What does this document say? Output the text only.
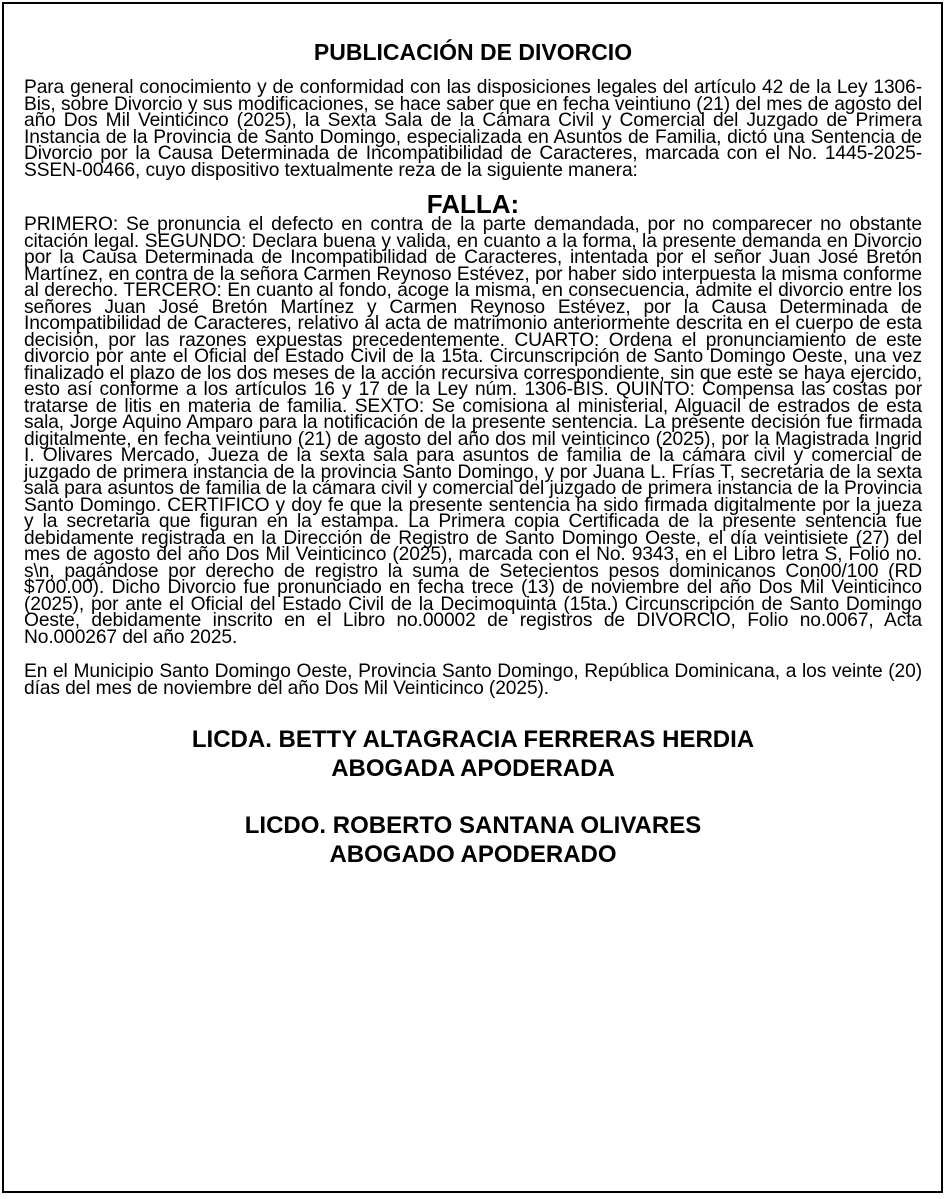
PUBLICACIÓN DE DIVORCIO

Para general conocimiento y de conformidad con las disposiciones legales del artículo 42 de la Ley 1306-Bis, sobre Divorcio y sus modificaciones, se hace saber que en fecha veintiuno (21) del mes de agosto del año Dos Mil Veinticinco (2025), la Sexta Sala de la Cámara Civil y Comercial del Juzgado de Primera Instancia de la Provincia de Santo Domingo, especializada en Asuntos de Familia, dictó una Sentencia de Divorcio por la Causa Determinada de Incompatibilidad de Caracteres, marcada con el No. 1445-2025-SSEN-00466, cuyo dispositivo textualmente reza de la siguiente manera:

FALLA:

PRIMERO: Se pronuncia el defecto en contra de la parte demandada, por no comparecer no obstante citación legal. SEGUNDO: Declara buena y valida, en cuanto a la forma, la presente demanda en Divorcio por la Causa Determinada de Incompatibilidad de Caracteres, intentada por el señor Juan José Bretón Martínez, en contra de la señora Carmen Reynoso Estévez, por haber sido interpuesta la misma conforme al derecho. TERCERO: En cuanto al fondo, acoge la misma, en consecuencia, admite el divorcio entre los señores Juan José Bretón Martínez y Carmen Reynoso Estévez, por la Causa Determinada de Incompatibilidad de Caracteres, relativo al acta de matrimonio anteriormente descrita en el cuerpo de esta decisión, por las razones expuestas precedentemente. CUARTO: Ordena el pronunciamiento de este divorcio por ante el Oficial del Estado Civil de la 15ta. Circunscripción de Santo Domingo Oeste, una vez finalizado el plazo de los dos meses de la acción recursiva correspondiente, sin que este se haya ejercido, esto así conforme a los artículos 16 y 17 de la Ley núm. 1306-BIS. QUINTO: Compensa las costas por tratarse de litis en materia de familia. SEXTO: Se comisiona al ministerial, Alguacil de estrados de esta sala, Jorge Aquino Amparo para la notificación de la presente sentencia. La presente decisión fue firmada digitalmente, en fecha veintiuno (21) de agosto del año dos mil veinticinco (2025), por la Magistrada Ingrid I. Olivares Mercado, Jueza de la sexta sala para asuntos de familia de la cámara civil y comercial de juzgado de primera instancia de la provincia Santo Domingo, y por Juana L. Frías T, secretaria de la sexta sala para asuntos de familia de la cámara civil y comercial del juzgado de primera instancia de la Provincia Santo Domingo. CERTIFICO y doy fe que la presente sentencia ha sido firmada digitalmente por la jueza y la secretaria que figuran en la estampa. La Primera copia Certificada de la presente sentencia fue debidamente registrada en la Dirección de Registro de Santo Domingo Oeste, el día veintisiete (27) del mes de agosto del año Dos Mil Veinticinco (2025), marcada con el No. 9343, en el Libro letra S, Folio no. s\n, pagándose por derecho de registro la suma de Setecientos pesos dominicanos Con00/100 (RD $700.00). Dicho Divorcio fue pronunciado en fecha trece (13) de noviembre del año Dos Mil Veinticinco (2025), por ante el Oficial del Estado Civil de la Decimoquinta (15ta.) Circunscripción de Santo Domingo Oeste, debidamente inscrito en el Libro no.00002 de registros de DIVORCIO, Folio no.0067, Acta No.000267 del año 2025.

En el Municipio Santo Domingo Oeste, Provincia Santo Domingo, República Dominicana, a los veinte (20) días del mes de noviembre del año Dos Mil Veinticinco (2025).

LICDA. BETTY ALTAGRACIA FERRERAS HERDIA

ABOGADA APODERADA

LICDO. ROBERTO SANTANA OLIVARES

ABOGADO APODERADO
